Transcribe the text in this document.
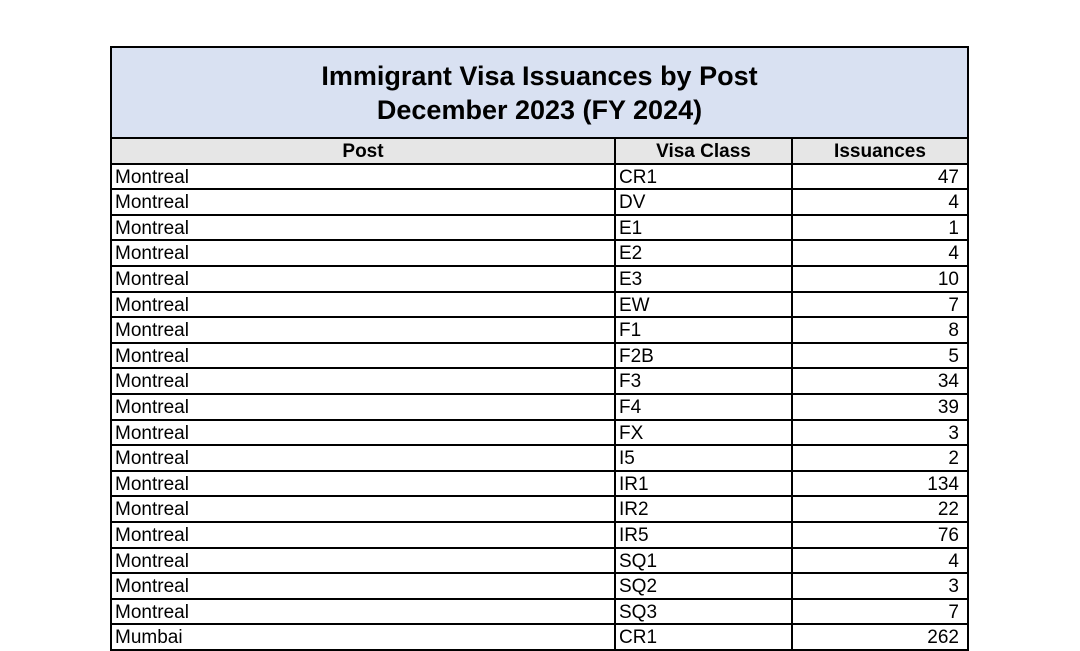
Immigrant Visa Issuances by Post
December 2023 (FY 2024)
Post	Visa Class	Issuances
Montreal	CR1	47
Montreal	DV	4
Montreal	E1	1
Montreal	E2	4
Montreal	E3	10
Montreal	EW	7
Montreal	F1	8
Montreal	F2B	5
Montreal	F3	34
Montreal	F4	39
Montreal	FX	3
Montreal	I5	2
Montreal	IR1	134
Montreal	IR2	22
Montreal	IR5	76
Montreal	SQ1	4
Montreal	SQ2	3
Montreal	SQ3	7
Mumbai	CR1	262
